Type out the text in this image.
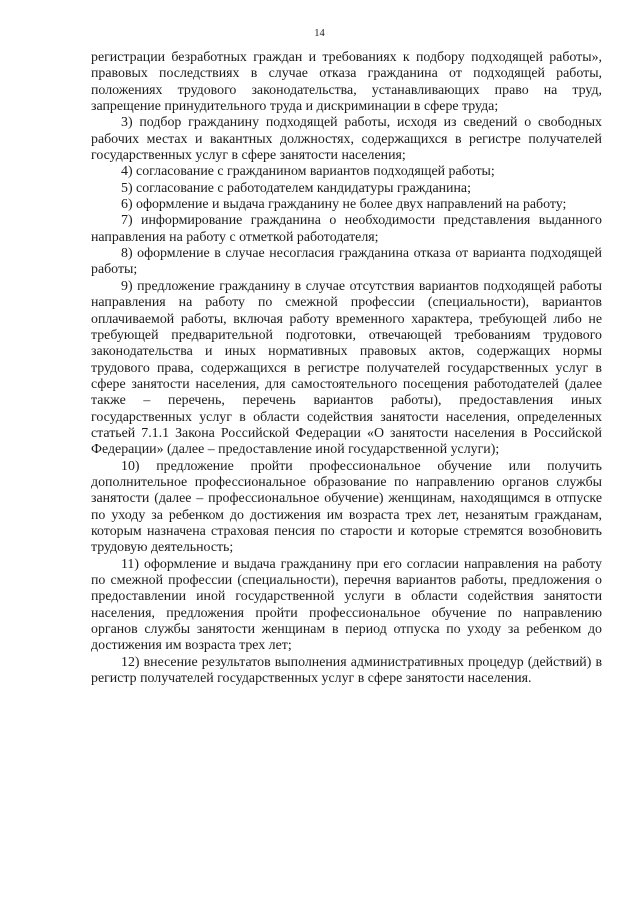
14

регистрации безработных граждан и требованиях к подбору подходящей работы», правовых последствиях в случае отказа гражданина от подходящей работы, положениях трудового законодательства, устанавливающих право на труд, запрещение принудительного труда и дискриминации в сфере труда;

3) подбор гражданину подходящей работы, исходя из сведений о свободных рабочих местах и вакантных должностях, содержащихся в регистре получателей государственных услуг в сфере занятости населения;

4) согласование с гражданином вариантов подходящей работы;

5) согласование с работодателем кандидатуры гражданина;

6) оформление и выдача гражданину не более двух направлений на работу;

7) информирование гражданина о необходимости представления выданного направления на работу с отметкой работодателя;

8) оформление в случае несогласия гражданина отказа от варианта подходящей работы;

9) предложение гражданину в случае отсутствия вариантов подходящей работы направления на работу по смежной профессии (специальности), вариантов оплачиваемой работы, включая работу временного характера, требующей либо не требующей предварительной подготовки, отвечающей требованиям трудового законодательства и иных нормативных правовых актов, содержащих нормы трудового права, содержащихся в регистре получателей государственных услуг в сфере занятости населения, для самостоятельного посещения работодателей (далее также – перечень, перечень вариантов работы), предоставления иных государственных услуг в области содействия занятости населения, определенных статьей 7.1.1 Закона Российской Федерации «О занятости населения в Российской Федерации» (далее – предоставление иной государственной услуги);

10) предложение пройти профессиональное обучение или получить дополнительное профессиональное образование по направлению органов службы занятости (далее – профессиональное обучение) женщинам, находящимся в отпуске по уходу за ребенком до достижения им возраста трех лет, незанятым гражданам, которым назначена страховая пенсия по старости и которые стремятся возобновить трудовую деятельность;

11) оформление и выдача гражданину при его согласии направления на работу по смежной профессии (специальности), перечня вариантов работы, предложения о предоставлении иной государственной услуги в области содействия занятости населения, предложения пройти профессиональное обучение по направлению органов службы занятости женщинам в период отпуска по уходу за ребенком до достижения им возраста трех лет;

12) внесение результатов выполнения административных процедур (действий) в регистр получателей государственных услуг в сфере занятости населения.
